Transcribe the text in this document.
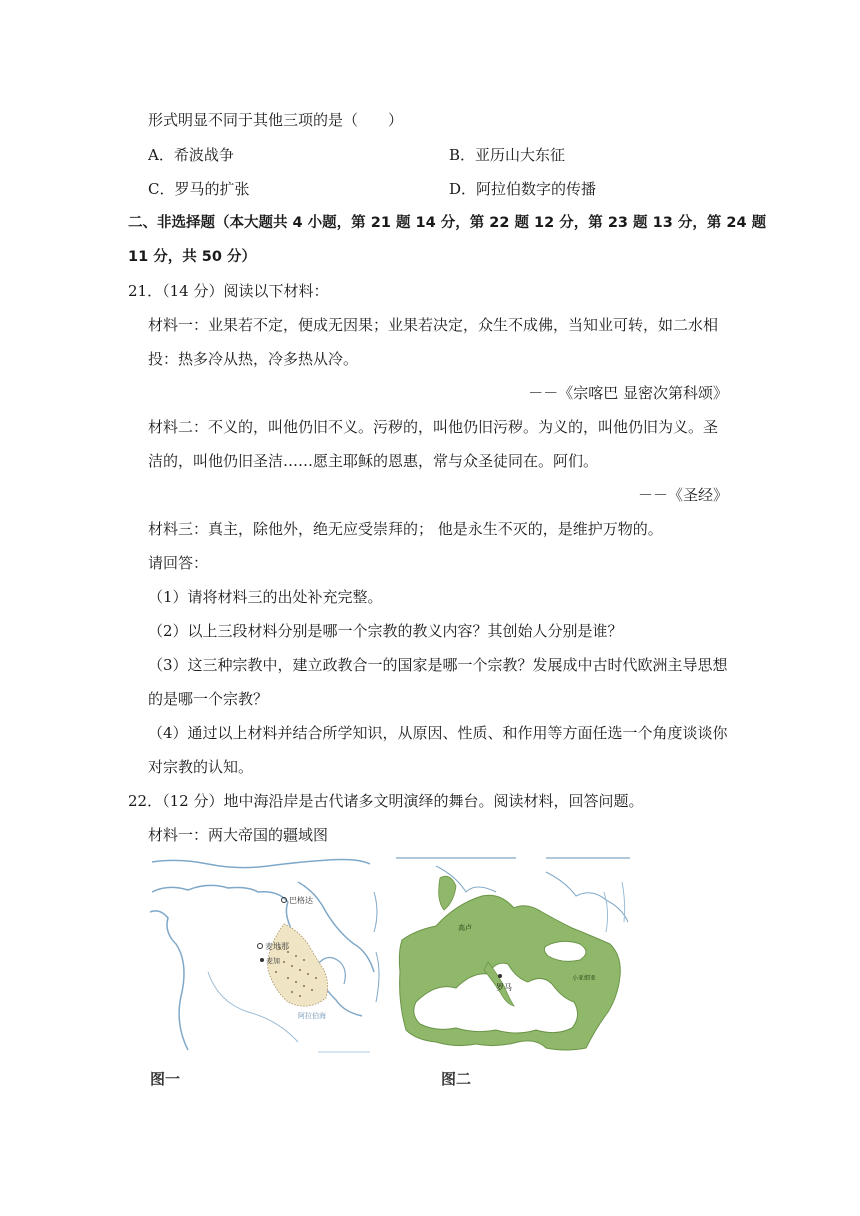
形式明显不同于其他三项的是（　　）
A．希波战争	B．亚历山大东征
C．罗马的扩张	D．阿拉伯数字的传播
二、非选择题（本大题共 4 小题，第 21 题 14 分，第 22 题 12 分，第 23 题 13 分，第 24 题
11 分，共 50 分）
21．（14 分）阅读以下材料：
材料一：业果若不定，便成无因果；业果若决定，众生不成佛，当知业可转，如二水相
投：热多冷从热，冷多热从冷。
－－《宗喀巴 显密次第科颂》
材料二：不义的，叫他仍旧不义。污秽的，叫他仍旧污秽。为义的，叫他仍旧为义。圣
洁的，叫他仍旧圣洁……愿主耶稣的恩惠，常与众圣徒同在。阿们。
－－《圣经》
材料三：真主，除他外，绝无应受崇拜的； 他是永生不灭的，是维护万物的。
请回答：
（1）请将材料三的出处补充完整。
（2）以上三段材料分别是哪一个宗教的教义内容？其创始人分别是谁？
（3）这三种宗教中，建立政教合一的国家是哪一个宗教？发展成中古时代欧洲主导思想
的是哪一个宗教？
（4）通过以上材料并结合所学知识，从原因、性质、和作用等方面任选一个角度谈谈你
对宗教的认知。
22．（12 分）地中海沿岸是古代诸多文明演绎的舞台。阅读材料，回答问题。
材料一：两大帝国的疆域图
巴格达
麦地那
麦加
阿拉伯海
高卢
罗马
小亚细亚
图一	图二
